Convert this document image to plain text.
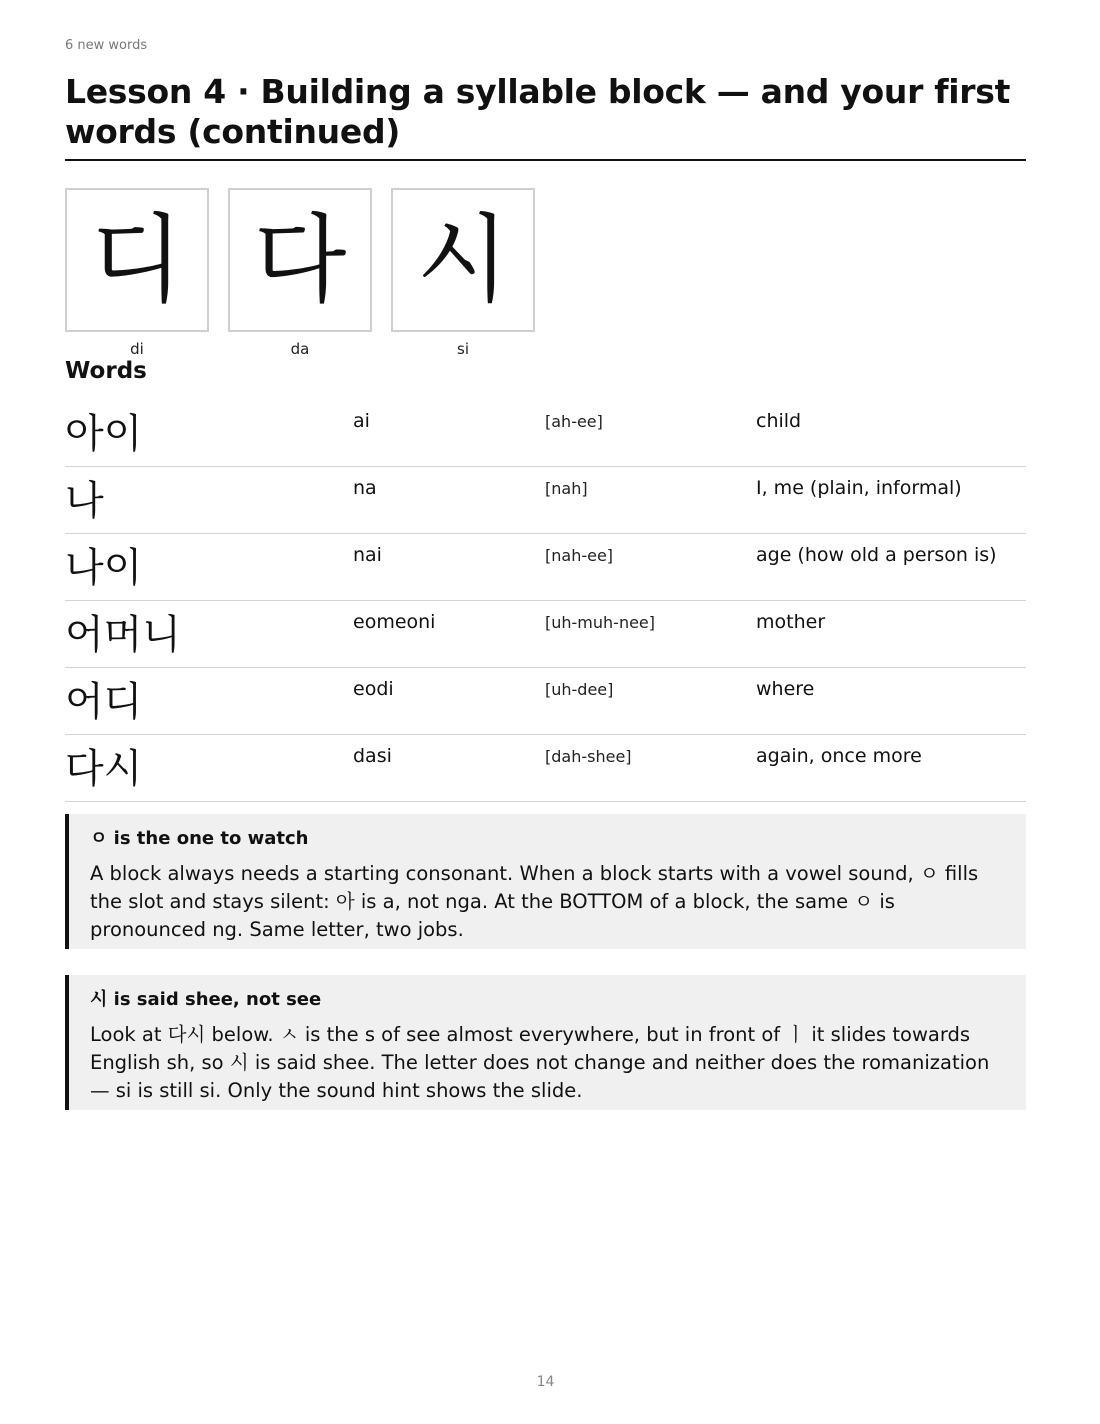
6 new words
Lesson 4 · Building a syllable block — and your first words (continued)
디
di
다
da
시
si
Words
아이	ai	[ah-ee]	child
나	na	[nah]	I, me (plain, informal)
나이	nai	[nah-ee]	age (how old a person is)
어머니	eomeoni	[uh-muh-nee]	mother
어디	eodi	[uh-dee]	where
다시	dasi	[dah-shee]	again, once more

ㅇ is the one to watch

A block always needs a starting consonant. When a block starts with a vowel sound, ㅇ fills the slot and stays silent: 아 is a, not nga. At the BOTTOM of a block, the same ㅇ is pronounced ng. Same letter, two jobs.

시 is said shee, not see

Look at 다시 below. ㅅ is the s of see almost everywhere, but in front of ㅣ it slides towards English sh, so 시 is said shee. The letter does not change and neither does the romanization — si is still si. Only the sound hint shows the slide.

14
